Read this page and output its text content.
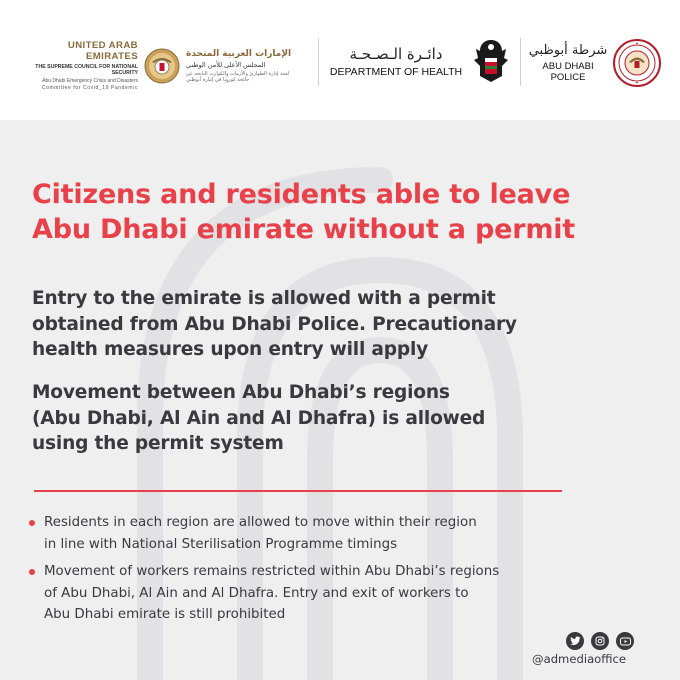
UNITED ARAB EMIRATES
THE SUPREME COUNCIL FOR NATIONAL SECURITY
Abu Dhabi Emergency Crisis and Disasters
Committee for Covid_19 Pandemic
الإمارات العربية المتحدة
المجلس الأعلى للأمن الوطني
لجنة إدارة الطوارئ والأزمات والكوارث الناتجة عن جائحة كورونا في إمارة أبوظبي
دائـرة الـصـحـة
DEPARTMENT OF HEALTH
شرطة أبوظبي
ABU DHABI POLICE
Citizens and residents able to leave
Abu Dhabi emirate without a permit
Entry to the emirate is allowed with a permit
obtained from Abu Dhabi Police. Precautionary
health measures upon entry will apply
Movement between Abu Dhabi’s regions
(Abu Dhabi, Al Ain and Al Dhafra) is allowed
using the permit system
Residents in each region are allowed to move within their region
in line with National Sterilisation Programme timings
Movement of workers remains restricted within Abu Dhabi’s regions
of Abu Dhabi, Al Ain and Al Dhafra. Entry and exit of workers to
Abu Dhabi emirate is still prohibited
@admediaoffice
